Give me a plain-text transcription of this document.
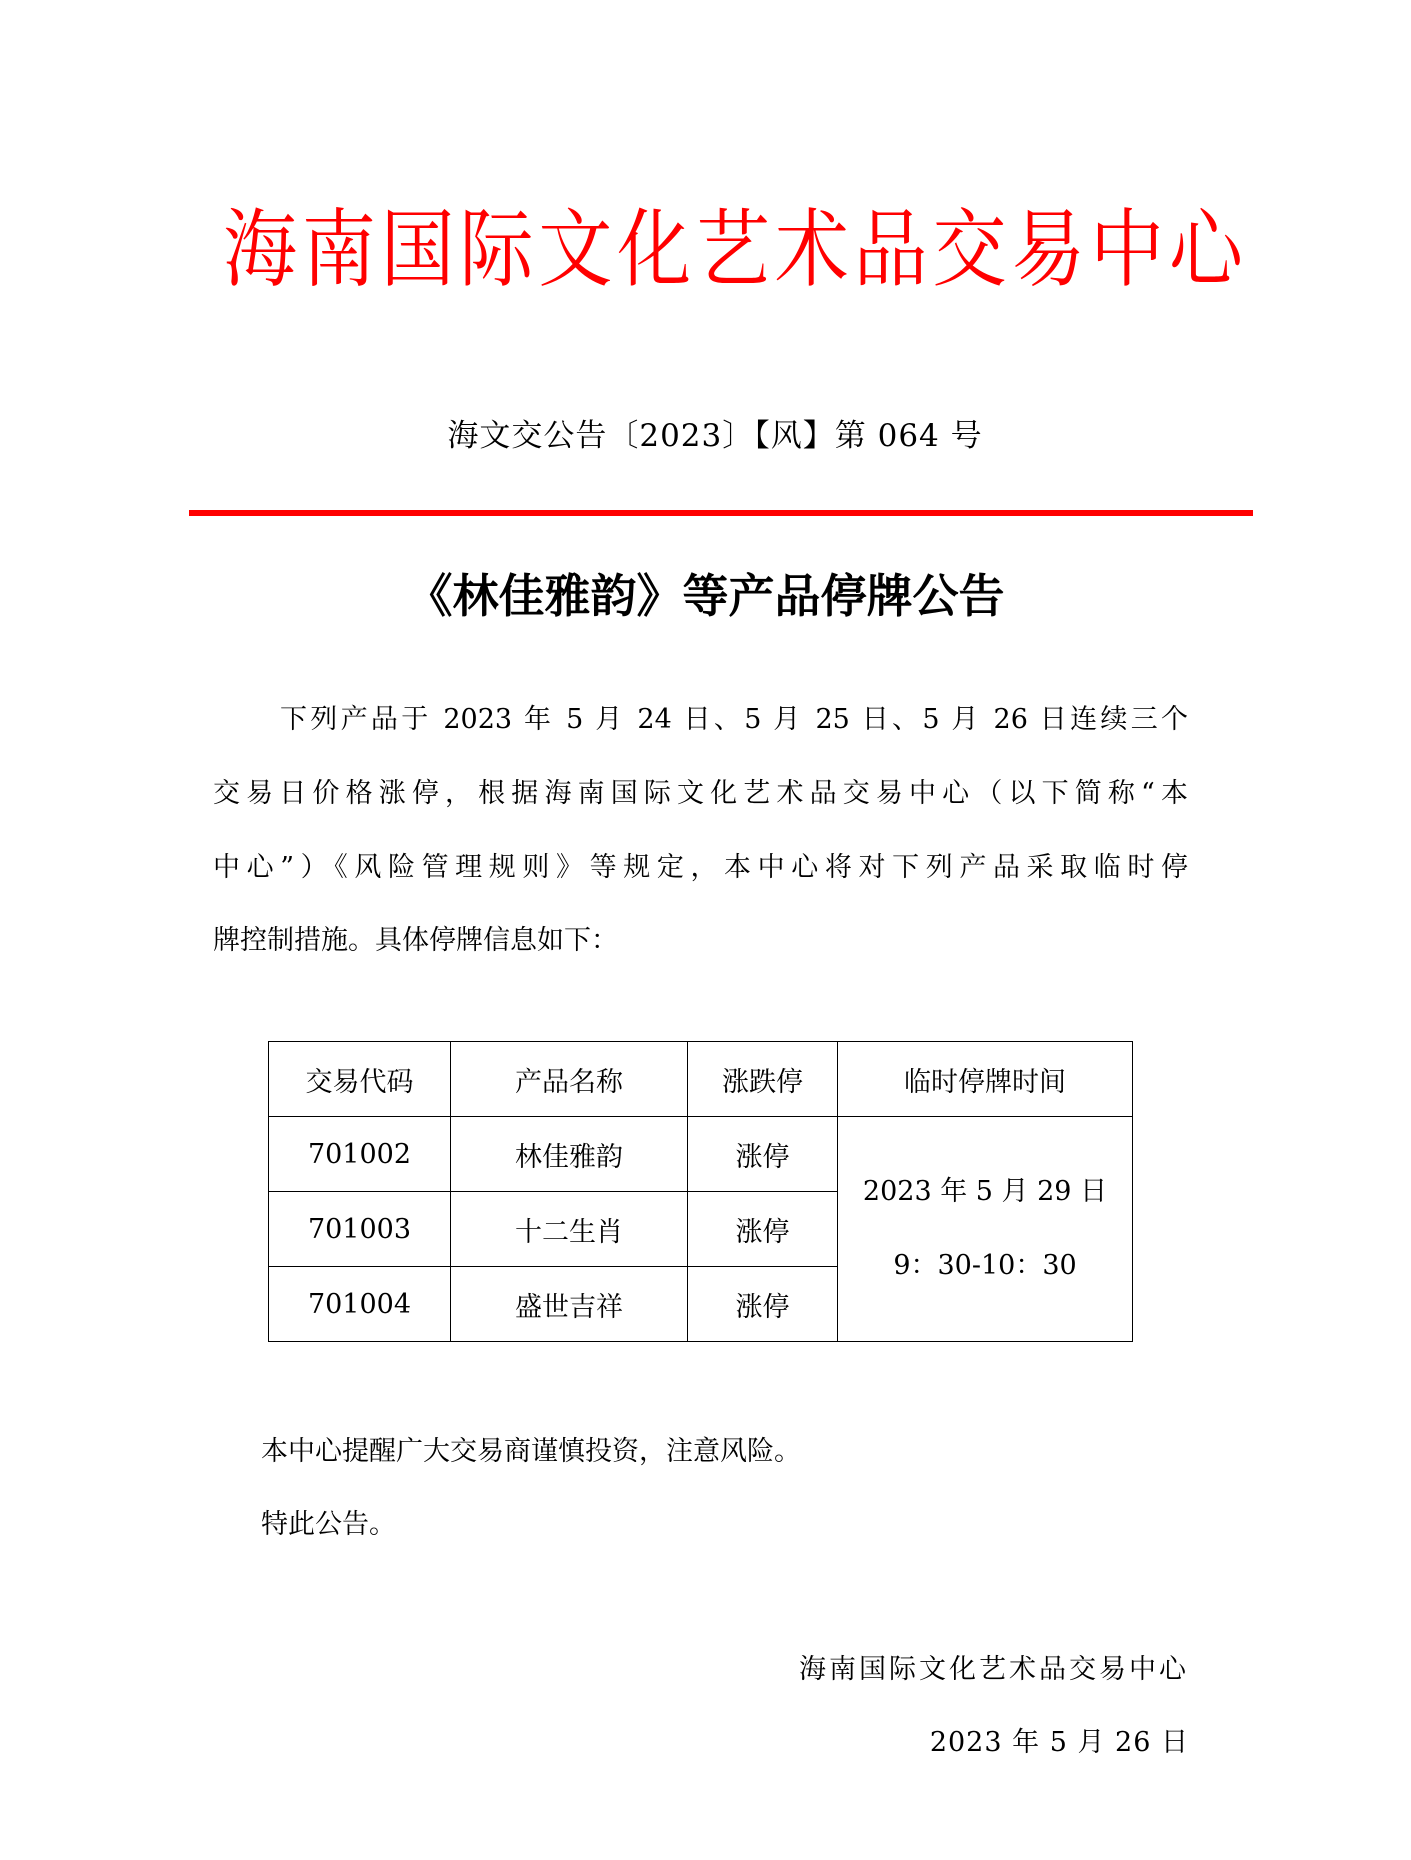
海 南 国 际 文 化 艺 术 品 交 易 中 心
海文交公告〔2023〕【风】第 064 号
《林佳雅韵》等产品停牌公告
下列产品于 2023 年 5 月 24 日、5 月 25 日、5 月 26 日连续三个
交易日价格涨停，根据海南国际文化艺术品交易中心（以下简称“本
中心”）《风险管理规则》等规定，本中心将对下列产品采取临时停
牌控制措施。具体停牌信息如下：
交易代码	产品名称	涨跌停	临时停牌时间
701002	林佳雅韵	涨停	2023 年 5 月 29 日
9：30-10：30

701003	十二生肖	涨停	
701004	盛世吉祥	涨停	
本中心提醒广大交易商谨慎投资，注意风险。
特此公告。
海南国际文化艺术品交易中心
2023 年 5 月 26 日
